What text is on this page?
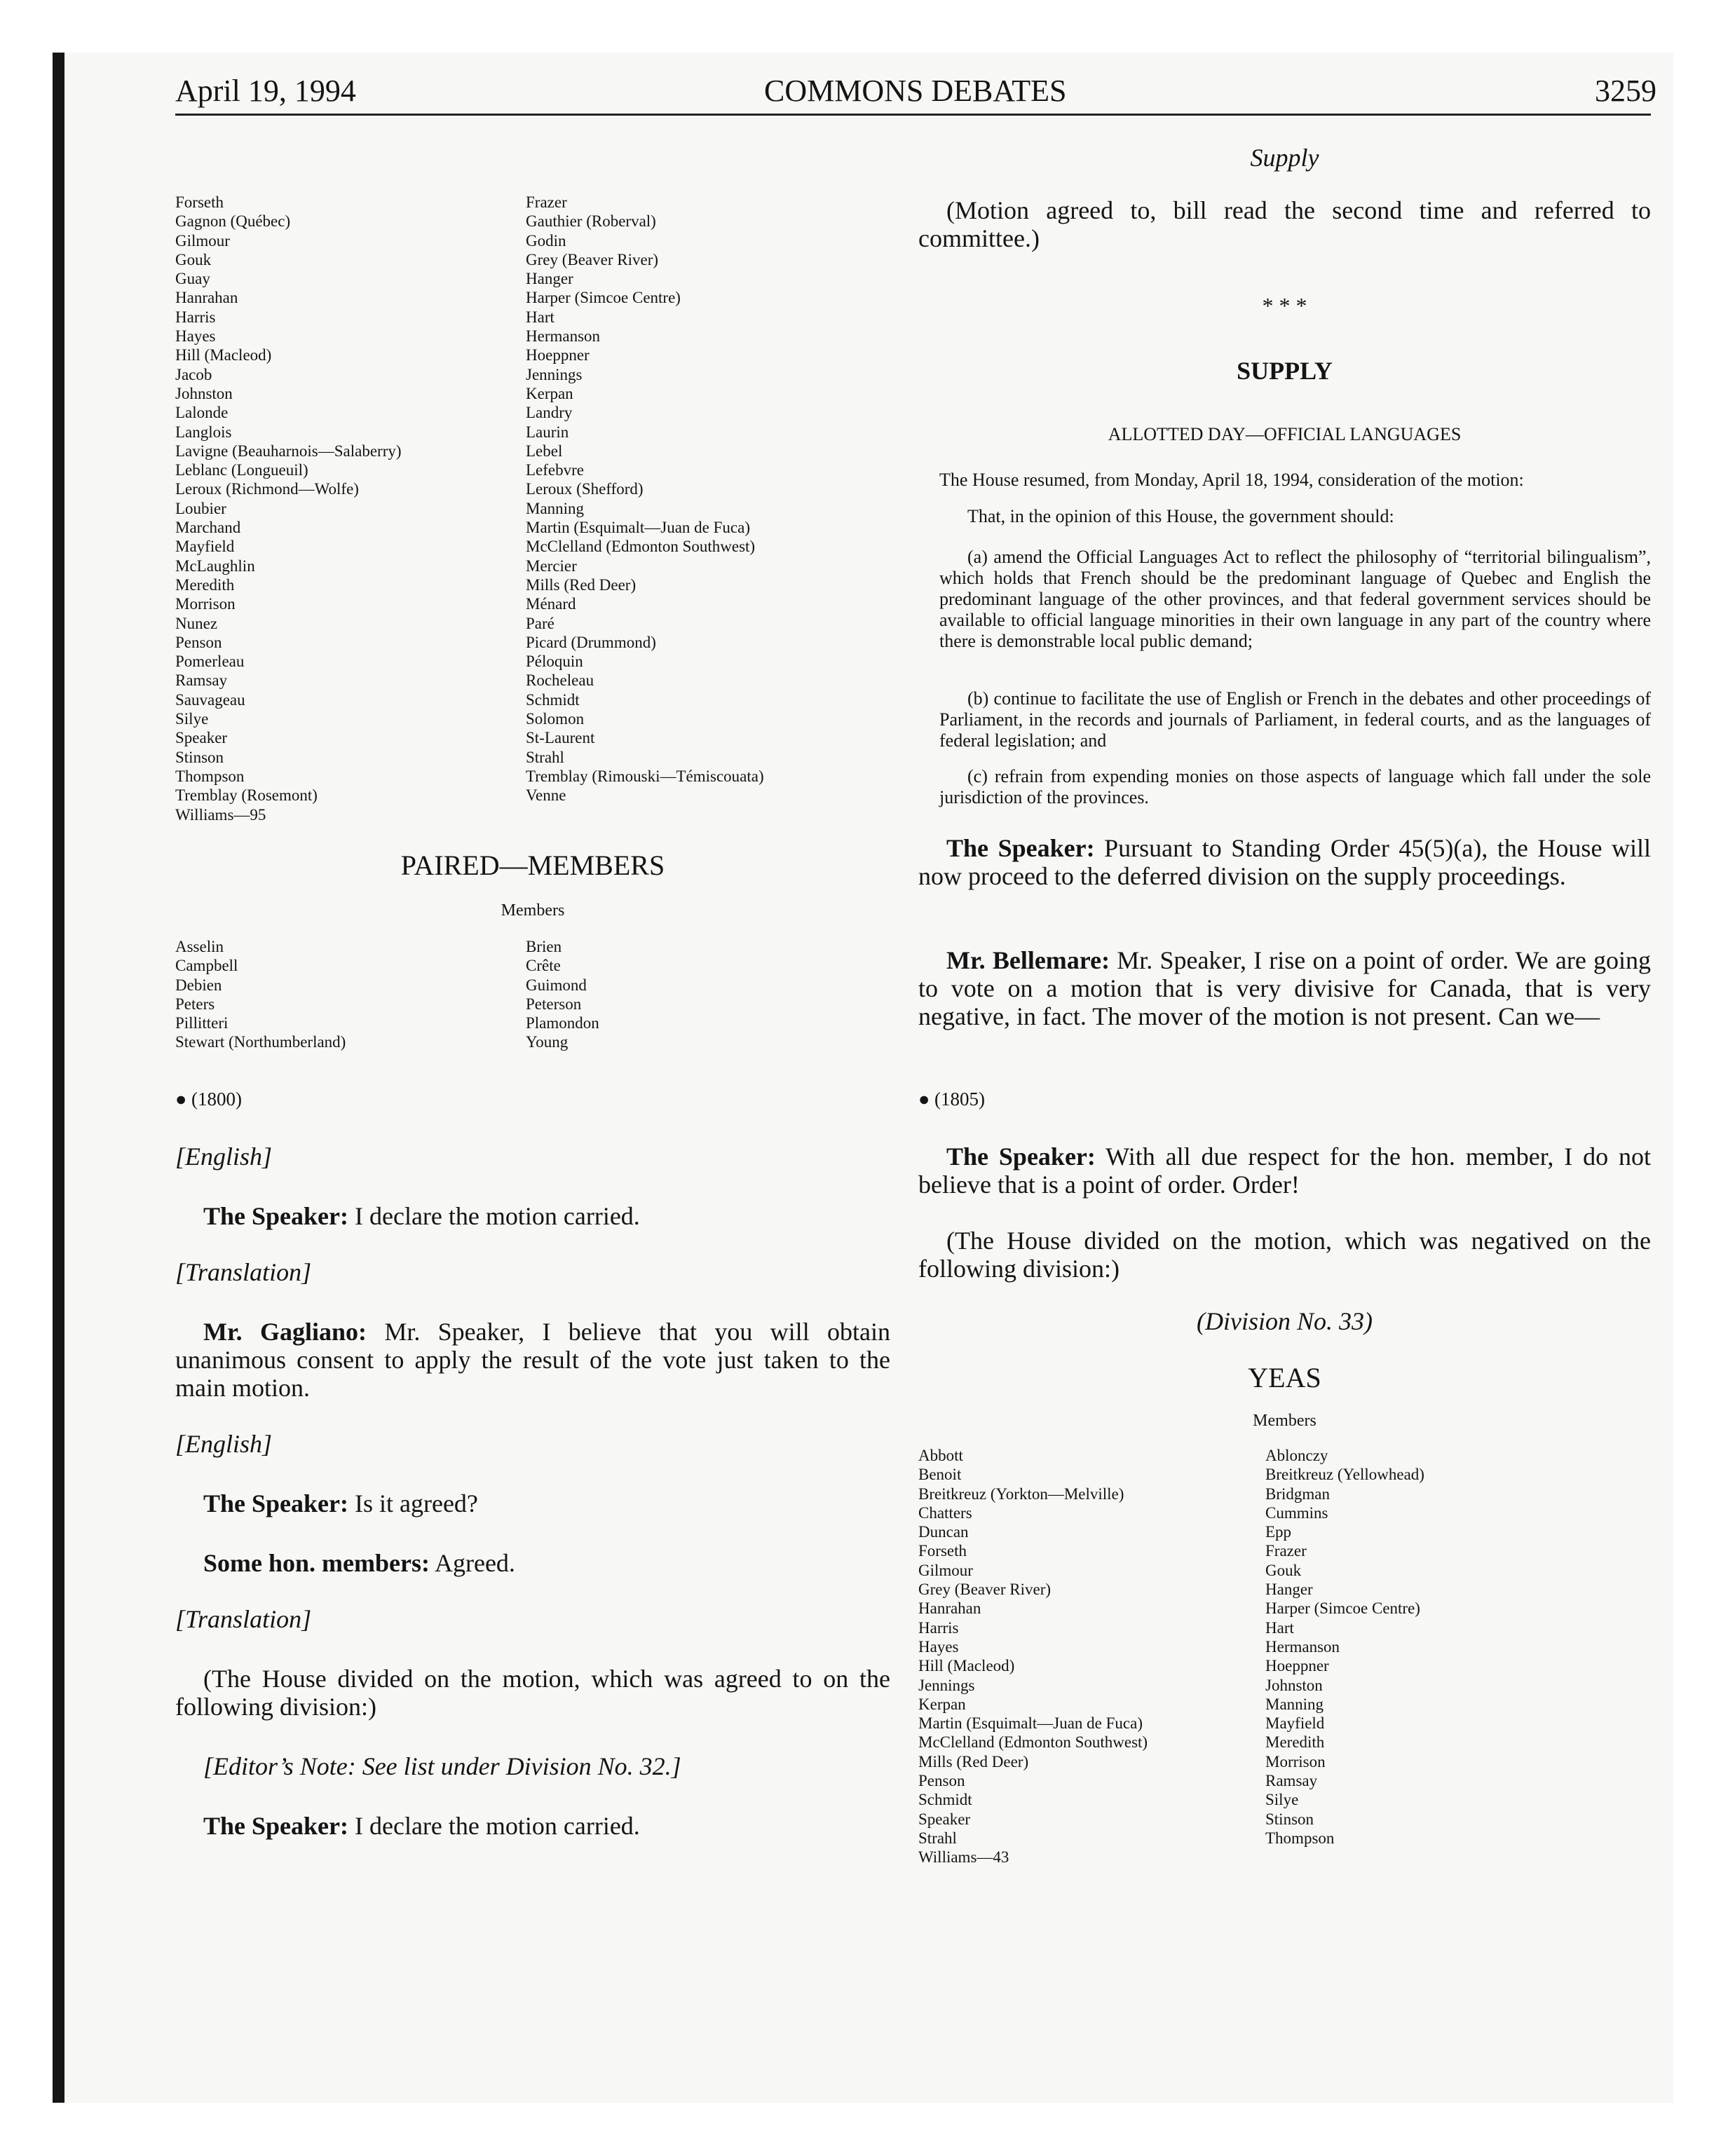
April 19, 1994	COMMONS DEBATES	3259
Forseth
Gagnon (Québec)
Gilmour
Gouk
Guay
Hanrahan
Harris
Hayes
Hill (Macleod)
Jacob
Johnston
Lalonde
Langlois
Lavigne (Beauharnois—Salaberry)
Leblanc (Longueuil)
Leroux (Richmond—Wolfe)
Loubier
Marchand
Mayfield
McLaughlin
Meredith
Morrison
Nunez
Penson
Pomerleau
Ramsay
Sauvageau
Silye
Speaker
Stinson
Thompson
Tremblay (Rosemont)
Williams—95
Frazer
Gauthier (Roberval)
Godin
Grey (Beaver River)
Hanger
Harper (Simcoe Centre)
Hart
Hermanson
Hoeppner
Jennings
Kerpan
Landry
Laurin
Lebel
Lefebvre
Leroux (Shefford)
Manning
Martin (Esquimalt—Juan de Fuca)
McClelland (Edmonton Southwest)
Mercier
Mills (Red Deer)
Ménard
Paré
Picard (Drummond)
Péloquin
Rocheleau
Schmidt
Solomon
St-Laurent
Strahl
Tremblay (Rimouski—Témiscouata)
Venne
PAIRED—MEMBERS
Members
Asselin
Campbell
Debien
Peters
Pillitteri
Stewart (Northumberland)
Brien
Crête
Guimond
Peterson
Plamondon
Young
● (1800)
[English]
The Speaker: I declare the motion carried.
[Translation]
Mr. Gagliano: Mr. Speaker, I believe that you will obtain unanimous consent to apply the result of the vote just taken to the main motion.
[English]
The Speaker: Is it agreed?
Some hon. members: Agreed.
[Translation]
(The House divided on the motion, which was agreed to on the following division:)
[Editor’s Note: See list under Division No. 32.]
The Speaker: I declare the motion carried.
Supply
(Motion agreed to, bill read the second time and referred to committee.)
* * *
SUPPLY
ALLOTTED DAY—OFFICIAL LANGUAGES
The House resumed, from Monday, April 18, 1994, consideration of the motion:
That, in the opinion of this House, the government should:
(a) amend the Official Languages Act to reflect the philosophy of “territorial bilingualism”, which holds that French should be the predominant language of Quebec and English the predominant language of the other provinces, and that federal government services should be available to official language minorities in their own language in any part of the country where there is demonstrable local public demand;
(b) continue to facilitate the use of English or French in the debates and other proceedings of Parliament, in the records and journals of Parliament, in federal courts, and as the languages of federal legislation; and
(c) refrain from expending monies on those aspects of language which fall under the sole jurisdiction of the provinces.
The Speaker: Pursuant to Standing Order 45(5)(a), the House will now proceed to the deferred division on the supply proceedings.
Mr. Bellemare: Mr. Speaker, I rise on a point of order. We are going to vote on a motion that is very divisive for Canada, that is very negative, in fact. The mover of the motion is not present. Can we—
● (1805)
The Speaker: With all due respect for the hon. member, I do not believe that is a point of order. Order!
(The House divided on the motion, which was negatived on the following division:)
(Division No. 33)
YEAS
Members
Abbott
Benoit
Breitkreuz (Yorkton—Melville)
Chatters
Duncan
Forseth
Gilmour
Grey (Beaver River)
Hanrahan
Harris
Hayes
Hill (Macleod)
Jennings
Kerpan
Martin (Esquimalt—Juan de Fuca)
McClelland (Edmonton Southwest)
Mills (Red Deer)
Penson
Schmidt
Speaker
Strahl
Williams—43
Ablonczy
Breitkreuz (Yellowhead)
Bridgman
Cummins
Epp
Frazer
Gouk
Hanger
Harper (Simcoe Centre)
Hart
Hermanson
Hoeppner
Johnston
Manning
Mayfield
Meredith
Morrison
Ramsay
Silye
Stinson
Thompson
